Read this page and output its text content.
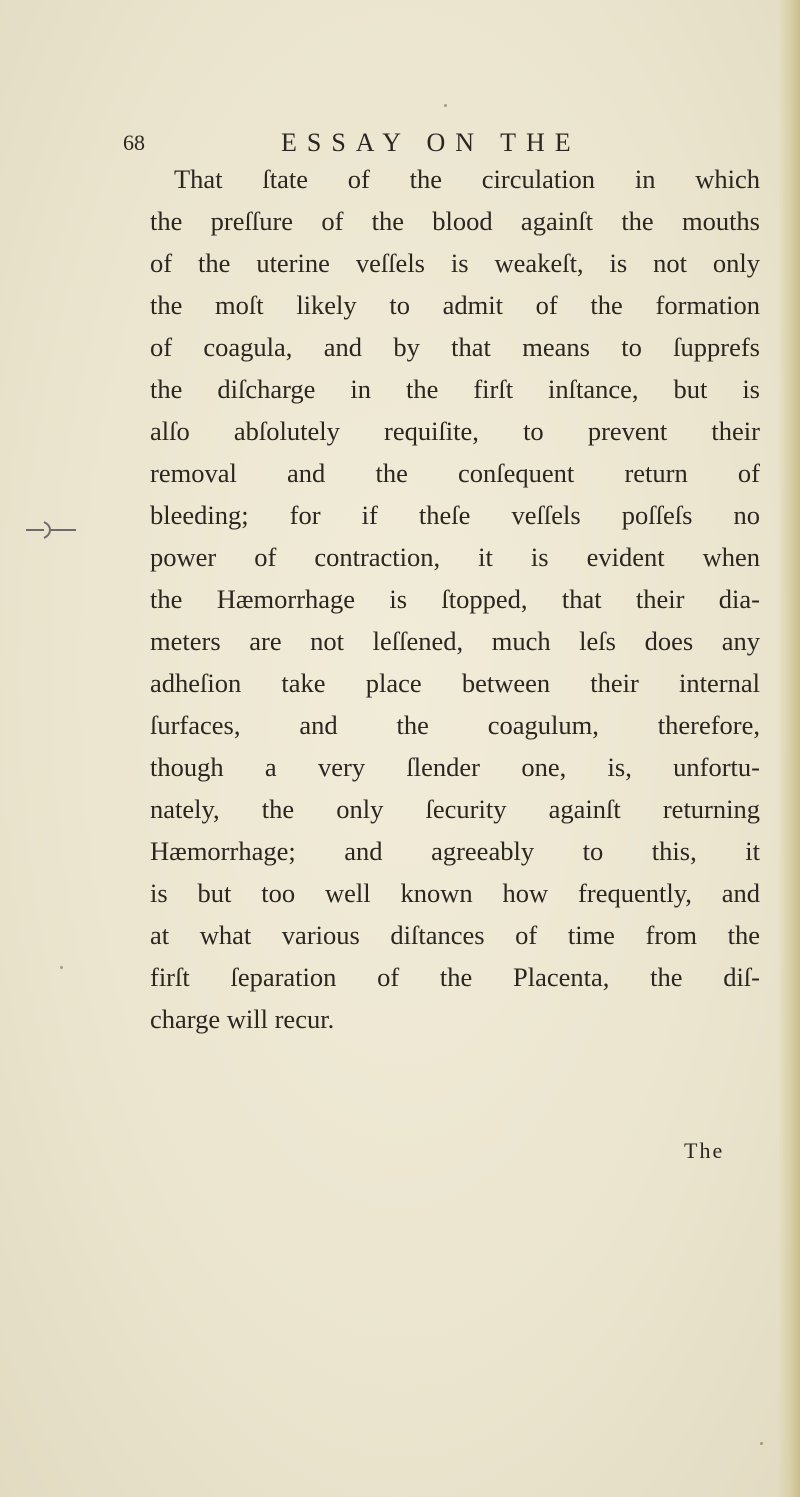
68	ESSAY ON THE
That ſtate of the circulation in which
the preſſure of the blood againſt the mouths
of the uterine veſſels is weakeſt, is not only
the moſt likely to admit of the formation
of coagula, and by that means to ſupprefs
the diſcharge in the firſt inſtance, but is
alſo abſolutely requiſite, to prevent their
removal and the conſequent return of
bleeding; for if theſe veſſels poſſeſs no
power of contraction, it is evident when
the Hæmorrhage is ſtopped, that their dia-
meters are not leſſened, much leſs does any
adheſion take place between their internal
ſurfaces, and the coagulum, therefore,
though a very ſlender one, is, unfortu-
nately, the only ſecurity againſt returning
Hæmorrhage; and agreeably to this, it
is but too well known how frequently, and
at what various diſtances of time from the
firſt ſeparation of the Placenta, the diſ-
charge will recur.
The
